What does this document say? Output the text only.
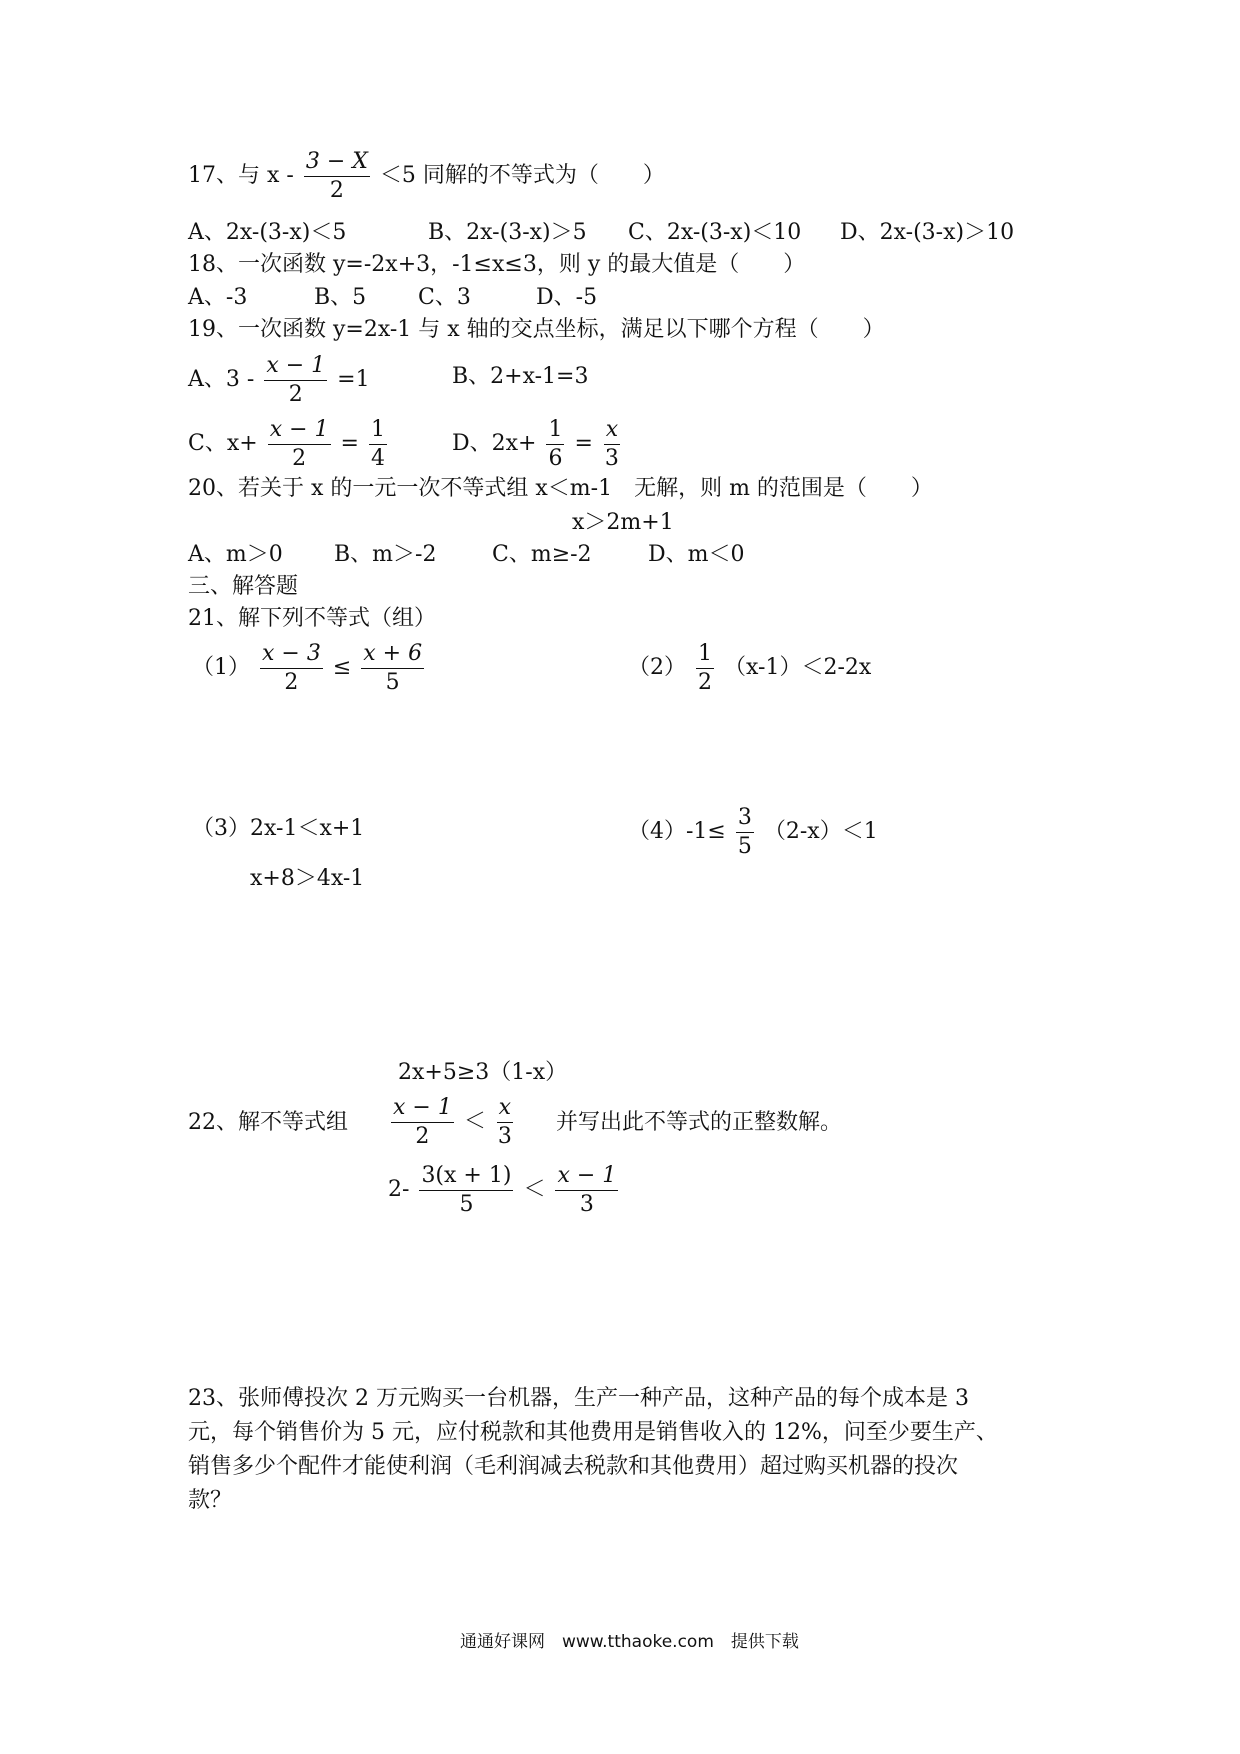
17、与 $x - \frac{3 - X}{2} <5$ 同解的不等式为（　　）
A、2x-(3-x)＜5	B、2x-(3-x)＞5 C、2x-(3-x)＜10 D、2x-(3-x)＞10
18、一次函数 y=-2x+3，-1≤x≤3，则 y 的最大值是（　　）
A、-3	B、5 C、3	D、-5
19、一次函数 y=2x-1 与 x 轴的交点坐标，满足以下哪个方程（　　）
A、$3 - \frac{x - 1}{2} =1$	B、2+x-1=3
C、$x+ \frac{x - 1}{2} = \frac{1}{4}$	D、$2x+ \frac{1}{6} = \frac{x}{3}$
20、若关于 x 的一元一次不等式组 x＜m-1　无解，则 m 的范围是（　　）
x＞2m+1
A、m＞0 B、m＞-2	C、m≥-2	D、m＜0
三、解答题
21、解下列不等式（组）
$(1) \frac{x - 3}{2} \le \frac{x + 6}{5}$	$(2) \frac{1}{2} (x-1)<2-2x$
（3）2x-1＜x+1
x+8＞4x-1
$(4)-1\le \frac{3}{5} (2-x)<1$
2x+5≥3（1-x）
22、解不等式组 $\frac{x - 1}{2} < \frac{x}{3}$ 并写出此不等式的正整数解。
$2- \frac{3(x + 1)}{5} < \frac{x - 1}{3}$
23、张师傅投次 2 万元购买一台机器，生产一种产品，这种产品的每个成本是 3
元，每个销售价为 5 元，应付税款和其他费用是销售收入的 12%，问至少要生产、
销售多少个配件才能使利润（毛利润减去税款和其他费用）超过购买机器的投次
款？
通通好课网　www.tthaoke.com　提供下载
